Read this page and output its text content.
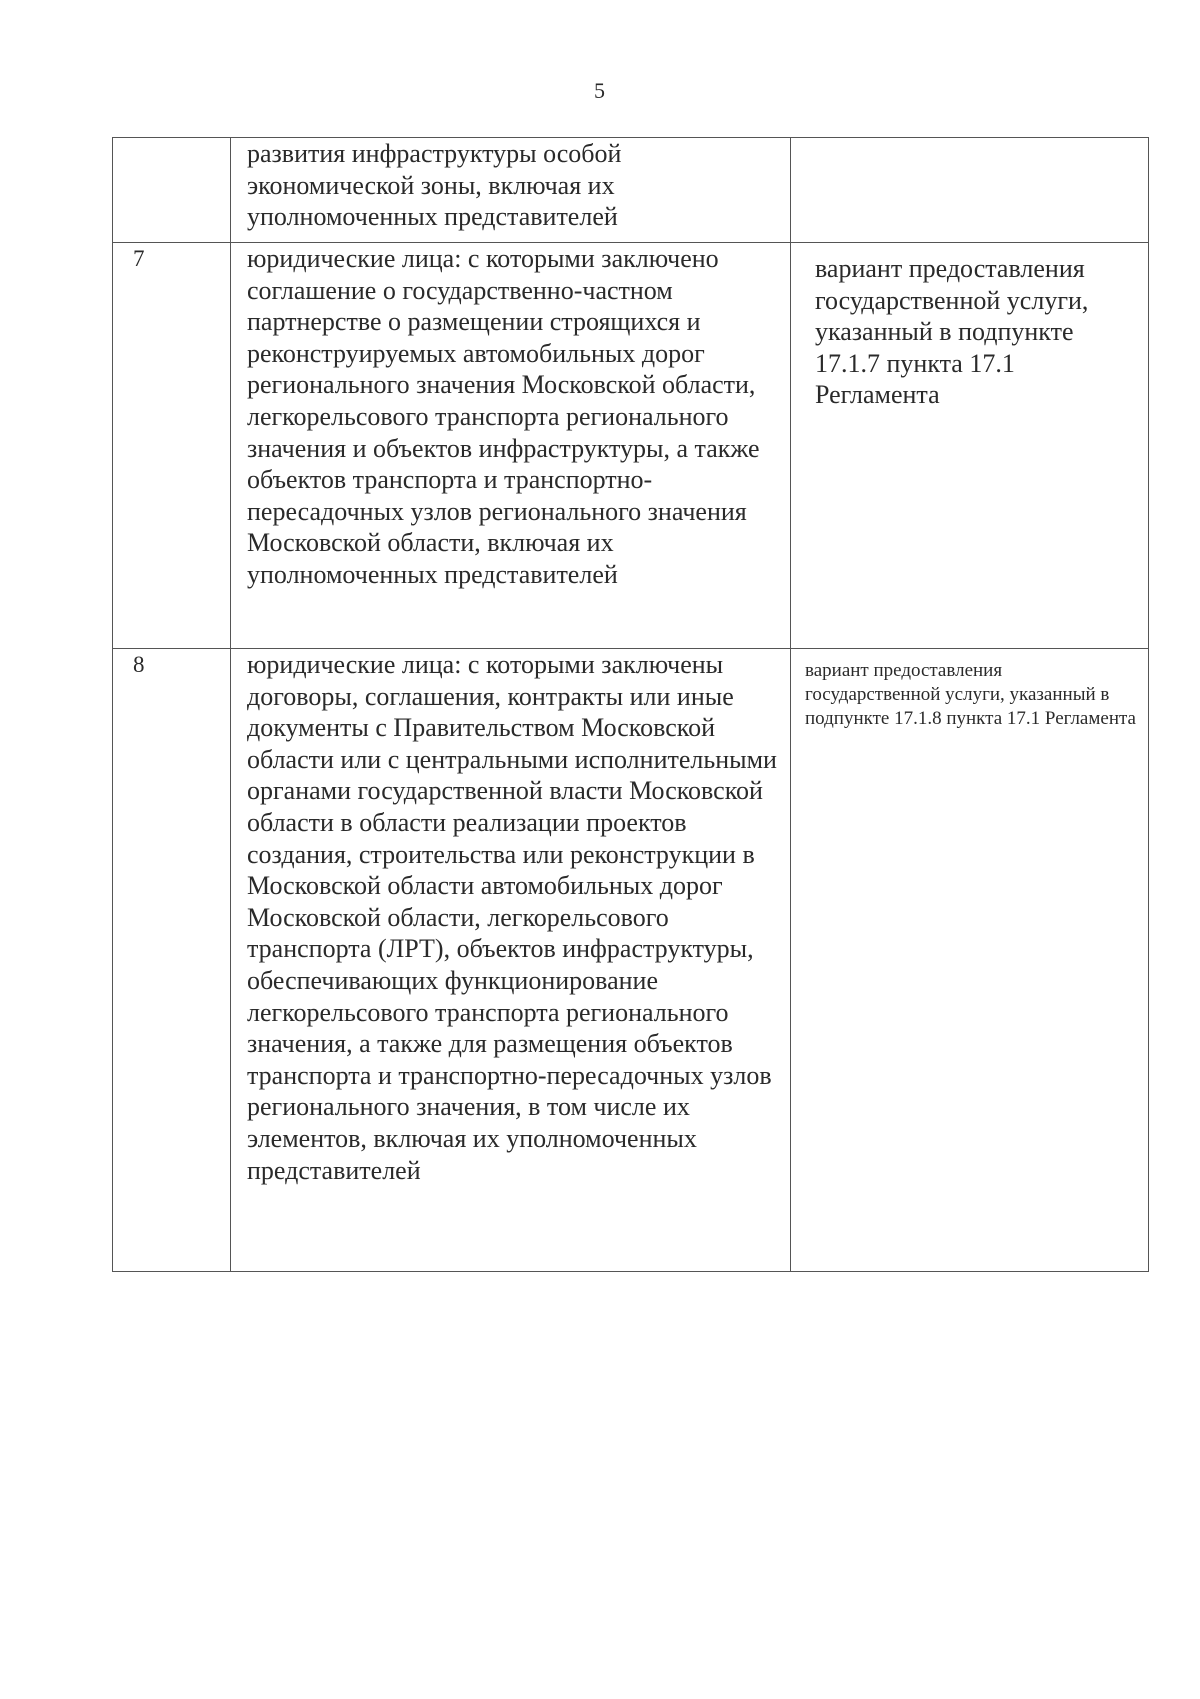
5
	развития инфраструктуры особой экономической зоны, включая их уполномоченных представителей	
7	юридические лица: с которыми заключено соглашение о государственно-частном партнерстве о размещении строящихся и реконструируемых автомобильных дорог регионального значения Московской области, легкорельсового транспорта регионального значения и объектов инфраструктуры, а также объектов транспорта и транспортно-пересадочных узлов регионального значения Московской области, включая их уполномоченных представителей	вариант предоставления государственной услуги, указанный в подпункте 17.1.7 пункта 17.1 Регламента
8	юридические лица: с которыми заключены договоры, соглашения, контракты или иные документы с Правительством Московской области или с центральными исполнительными органами государственной власти Московской области в области реализации проектов создания, строительства или реконструкции в Московской области автомобильных дорог Московской области, легкорельсового транспорта (ЛРТ), объектов инфраструктуры, обеспечивающих функционирование легкорельсового транспорта регионального значения, а также для размещения объектов транспорта и транспортно-пересадочных узлов регионального значения, в том числе их элементов, включая их уполномоченных представителей	вариант предоставления государственной услуги, указанный в подпункте 17.1.8 пункта 17.1 Регламента
